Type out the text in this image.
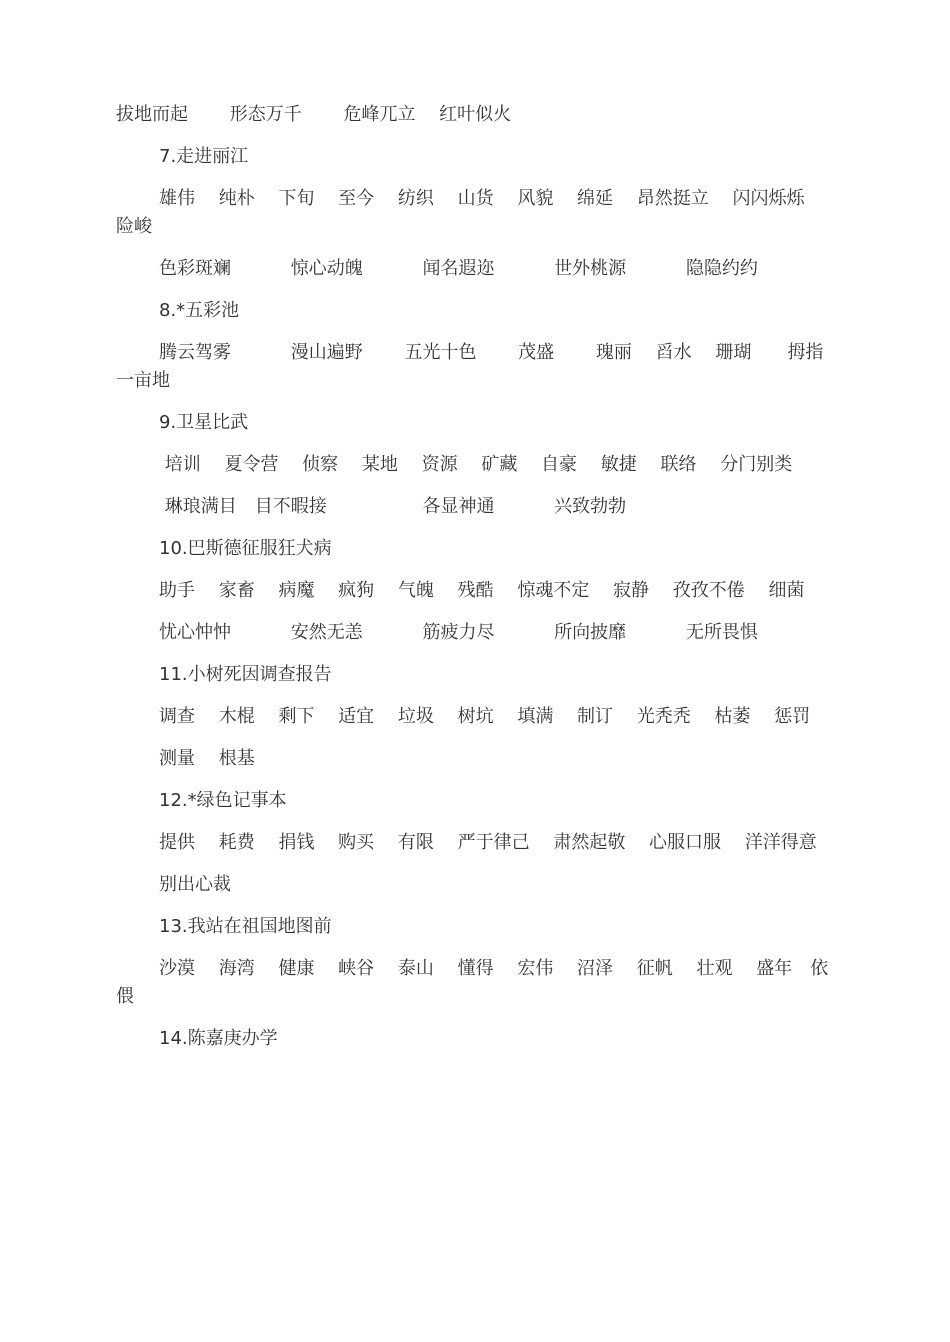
拔地而起　　 形态万千　　 危峰兀立　 红叶似火

7.走进丽江

雄伟　 纯朴　 下旬　 至今　 纺织　 山货　 风貌　 绵延　 昂然挺立　 闪闪烁烁　险峻

色彩斑斓　　　 惊心动魄　　　 闻名遐迩　　　 世外桃源　　　 隐隐约约

8.*五彩池

腾云驾雾　　　 漫山遍野　　 五光十色　　 茂盛　　 瑰丽　 舀水　 珊瑚　　拇指　 一亩地

9.卫星比武

培训　 夏令营　 侦察　 某地　 资源　 矿藏　 自豪　 敏捷　 联络　 分门别类

琳琅满目　目不暇接　　　　　 各显神通　　　 兴致勃勃

10.巴斯德征服狂犬病

助手　 家畜　 病魔　 疯狗　 气魄　 残酷　 惊魂不定　 寂静　 孜孜不倦　 细菌

忧心忡忡　　　 安然无恙　　　 筋疲力尽　　　 所向披靡　　　 无所畏惧

11.小树死因调查报告

调查　 木棍　 剩下　 适宜　 垃圾　 树坑　 填满　 制订　 光秃秃　 枯萎　 惩罚

测量　 根基

12.*绿色记事本

提供　 耗费　 捐钱　 购买　 有限　 严于律己　 肃然起敬　 心服口服　 洋洋得意

别出心裁

13.我站在祖国地图前

沙漠　 海湾　 健康　 峡谷　 泰山　 懂得　 宏伟　 沼泽　 征帆　 壮观　 盛年　依偎

14.陈嘉庚办学
